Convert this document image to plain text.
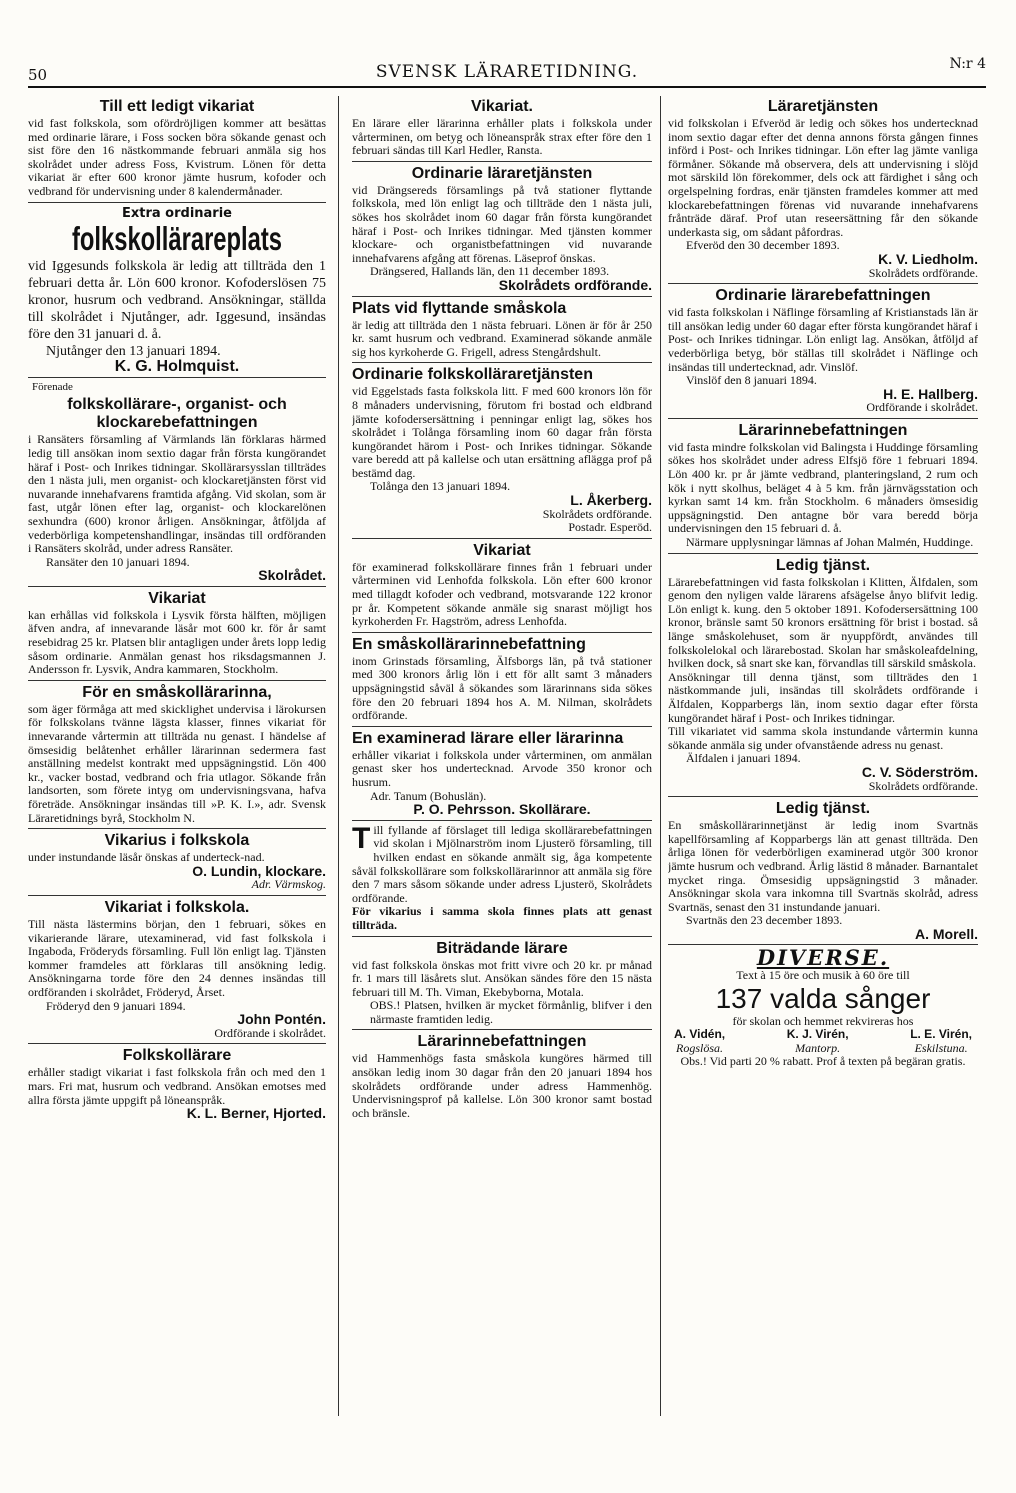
50	SVENSK LÄRARETIDNING.	N:r 4
Till ett ledigt vikariat
vid fast folkskola, som ofördröjligen kommer att besättas med ordinarie lärare, i Foss socken böra sökande genast och sist före den 16 nästkommande februari anmäla sig hos skolrådet under adress Foss, Kvistrum. Lönen för detta vikariat är efter 600 kronor jämte husrum, kofoder och vedbrand för undervisning under 8 kalendermånader.
Extra ordinarie
folkskollärareplats
vid Iggesunds folkskola är ledig att tillträda den 1 februari detta år. Lön 600 kronor. Kofoderslösen 75 kronor, husrum och vedbrand. Ansökningar, ställda till skolrådet i Njutånger, adr. Iggesund, insändas före den 31 januari d. å.
Njutånger den 13 januari 1894.
K. G. Holmquist.
Förenade
folkskollärare-, organist- och klockarebefattningen
i Ransäters församling af Värmlands län förklaras härmed ledig till ansökan inom sextio dagar från första kungörandet häraf i Post- och Inrikes tidningar. Skollärarsysslan tillträdes den 1 nästa juli, men organist- och klockaretjänsten först vid nuvarande innehafvarens framtida afgång. Vid skolan, som är fast, utgår lönen efter lag, organist- och klockarelönen sexhundra (600) kronor årligen. Ansökningar, åtföljda af vederbörliga kompetenshandlingar, insändas till ordföranden i Ransäters skolråd, under adress Ransäter.
Ransäter den 10 januari 1894.
Skolrådet.
Vikariat
kan erhållas vid folkskola i Lysvik första hälften, möjligen äfven andra, af innevarande läsår mot 600 kr. för år samt resebidrag 25 kr. Platsen blir antagligen under årets lopp ledig såsom ordinarie. Anmälan genast hos riksdagsmannen J. Andersson fr. Lysvik, Andra kammaren, Stockholm.
För en småskollärarinna,
som äger förmåga att med skicklighet undervisa i lärokursen för folkskolans tvänne lägsta klasser, finnes vikariat för innevarande vårtermin att tillträda nu genast. I händelse af ömsesidig belåtenhet erhåller lärarinnan sedermera fast anställning medelst kontrakt med uppsägningstid. Lön 400 kr., vacker bostad, vedbrand och fria utlagor. Sökande från landsorten, som förete intyg om undervisningsvana, hafva företräde. Ansökningar insändas till »P. K. I.», adr. Svensk Läraretidnings byrå, Stockholm N.
Vikarius i folkskola
under instundande läsår önskas af underteck-nad.
O. Lundin, klockare.
Adr. Värmskog.
Vikariat i folkskola.
Till nästa lästermins början, den 1 februari, sökes en vikarierande lärare, utexaminerad, vid fast folkskola i Ingaboda, Fröderyds församling. Full lön enligt lag. Tjänsten kommer framdeles att förklaras till ansökning ledig. Ansökningarna torde före den 24 dennes insändas till ordföranden i skolrådet, Fröderyd, Årset.
Fröderyd den 9 januari 1894.
John Pontén.
Ordförande i skolrådet.
Folkskollärare
erhåller stadigt vikariat i fast folkskola från och med den 1 mars. Fri mat, husrum och vedbrand. Ansökan emotses med allra första jämte uppgift på löneanspråk.
K. L. Berner, Hjorted.
Vikariat.
En lärare eller lärarinna erhåller plats i folkskola under vårterminen, om betyg och löneanspråk strax efter före den 1 februari sändas till Karl Hedler, Ransta.
Ordinarie läraretjänsten
vid Drängsereds församlings på två stationer flyttande folkskola, med lön enligt lag och tillträde den 1 nästa juli, sökes hos skolrådet inom 60 dagar från första kungörandet häraf i Post- och Inrikes tidningar. Med tjänsten kommer klockare- och organistbefattningen vid nuvarande innehafvarens afgång att förenas. Läseprof önskas.
Drängsered, Hallands län, den 11 december 1893.
Skolrådets ordförande.
Plats vid flyttande småskola
är ledig att tillträda den 1 nästa februari. Lönen är för år 250 kr. samt husrum och vedbrand. Examinerad sökande anmäle sig hos kyrkoherde G. Frigell, adress Stengårdshult.
Ordinarie folkskolläraretjänsten
vid Eggelstads fasta folkskola litt. F med 600 kronors lön för 8 månaders undervisning, förutom fri bostad och eldbrand jämte kofodersersättning i penningar enligt lag, sökes hos skolrådet i Tolånga församling inom 60 dagar från första kungörandet härom i Post- och Inrikes tidningar. Sökande vare beredd att på kallelse och utan ersättning aflägga prof på bestämd dag.
Tolånga den 13 januari 1894.
L. Åkerberg.
Skolrådets ordförande.
Postadr. Esperöd.
Vikariat
för examinerad folkskollärare finnes från 1 februari under vårterminen vid Lenhofda folkskola. Lön efter 600 kronor med tillagdt kofoder och vedbrand, motsvarande 122 kronor pr år. Kompetent sökande anmäle sig snarast möjligt hos kyrkoherden Fr. Hagström, adress Lenhofda.
En småskollärarinnebefattning
inom Grinstads församling, Älfsborgs län, på två stationer med 300 kronors årlig lön i ett för allt samt 3 månaders uppsägningstid såväl å sökandes som lärarinnans sida sökes före den 20 februari 1894 hos A. M. Nilman, skolrådets ordförande.
En examinerad lärare eller lärarinna
erhåller vikariat i folkskola under vårterminen, om anmälan genast sker hos undertecknad. Arvode 350 kronor och husrum.
Adr. Tanum (Bohuslän).
P. O. Pehrsson. Skollärare.
Till fyllande af förslaget till lediga skollärarebefattningen vid skolan i Mjölnarström inom Ljusterö församling, till hvilken endast en sökande anmält sig, åga kompetente såväl folkskollärare som folkskollärarinnor att anmäla sig före den 7 mars såsom sökande under adress Ljusterö, Skolrådets ordförande.
För vikarius i samma skola finnes plats att genast tillträda.
Biträdande lärare
vid fast folkskola önskas mot fritt vivre och 20 kr. pr månad fr. 1 mars till läsårets slut. Ansökan sändes före den 15 nästa februari till M. Th. Viman, Ekebyborna, Motala.
OBS.! Platsen, hvilken är mycket förmånlig, blifver i den närmaste framtiden ledig.
Lärarinnebefattningen
vid Hammenhögs fasta småskola kungöres härmed till ansökan ledig inom 30 dagar från den 20 januari 1894 hos skolrådets ordförande under adress Hammenhög. Undervisningsprof på kallelse. Lön 300 kronor samt bostad och bränsle.
Läraretjänsten
vid folkskolan i Efveröd är ledig och sökes hos undertecknad inom sextio dagar efter det denna annons första gången finnes införd i Post- och Inrikes tidningar. Lön efter lag jämte vanliga förmåner. Sökande må observera, dels att undervisning i slöjd mot särskild lön förekommer, dels ock att färdighet i sång och orgelspelning fordras, enär tjänsten framdeles kommer att med klockarebefattningen förenas vid nuvarande innehafvarens frånträde däraf. Prof utan reseersättning får den sökande underkasta sig, om sådant påfordras.
Efveröd den 30 december 1893.
K. V. Liedholm.
Skolrådets ordförande.
Ordinarie lärarebefattningen
vid fasta folkskolan i Näflinge församling af Kristianstads län är till ansökan ledig under 60 dagar efter första kungörandet häraf i Post- och Inrikes tidningar. Lön enligt lag. Ansökan, åtföljd af vederbörliga betyg, bör ställas till skolrådet i Näflinge och insändas till undertecknad, adr. Vinslöf.
Vinslöf den 8 januari 1894.
H. E. Hallberg.
Ordförande i skolrådet.
Lärarinnebefattningen
vid fasta mindre folkskolan vid Balingsta i Huddinge församling sökes hos skolrådet under adress Elfsjö före 1 februari 1894. Lön 400 kr. pr år jämte vedbrand, planteringsland, 2 rum och kök i nytt skolhus, beläget 4 à 5 km. från järnvägsstation och kyrkan samt 14 km. från Stockholm. 6 månaders ömsesidig uppsägningstid. Den antagne bör vara beredd börja undervisningen den 15 februari d. å.
Närmare upplysningar lämnas af Johan Malmén, Huddinge.
Ledig tjänst.
Lärarebefattningen vid fasta folkskolan i Klitten, Älfdalen, som genom den nyligen valde lärarens afsägelse ånyo blifvit ledig. Lön enligt k. kung. den 5 oktober 1891. Kofodersersättning 100 kronor, bränsle samt 50 kronors ersättning för brist i bostad. så länge småskolehuset, som är nyuppfördt, användes till folkskolelokal och lärarebostad. Skolan har småskoleafdelning, hvilken dock, så snart ske kan, förvandlas till särskild småskola.
Ansökningar till denna tjänst, som tillträdes den 1 nästkommande juli, insändas till skolrådets ordförande i Älfdalen, Kopparbergs län, inom sextio dagar efter första kungörandet häraf i Post- och Inrikes tidningar.
Till vikariatet vid samma skola instundande vårtermin kunna sökande anmäla sig under ofvanstående adress nu genast.
Älfdalen i januari 1894.
C. V. Söderström.
Skolrådets ordförande.
Ledig tjänst.
En småskollärarinnetjänst är ledig inom Svartnäs kapellförsamling af Kopparbergs län att genast tillträda. Den årliga lönen för vederbörligen examinerad utgör 300 kronor jämte husrum och vedbrand. Årlig lästid 8 månader. Barnantalet mycket ringa. Ömsesidig uppsägningstid 3 månader. Ansökningar skola vara inkomna till Svartnäs skolråd, adress Svartnäs, senast den 31 instundande januari.
Svartnäs den 23 december 1893.
A. Morell.
DIVERSE.
Text à 15 öre och musik à 60 öre till
137 valda sånger
för skolan och hemmet rekvireras hos
A. Vidén,
Rogslösa.
K. J. Virén,
Mantorp.
L. E. Virén,
Eskilstuna.
Obs.! Vid parti 20 % rabatt. Prof å texten på begäran gratis.
